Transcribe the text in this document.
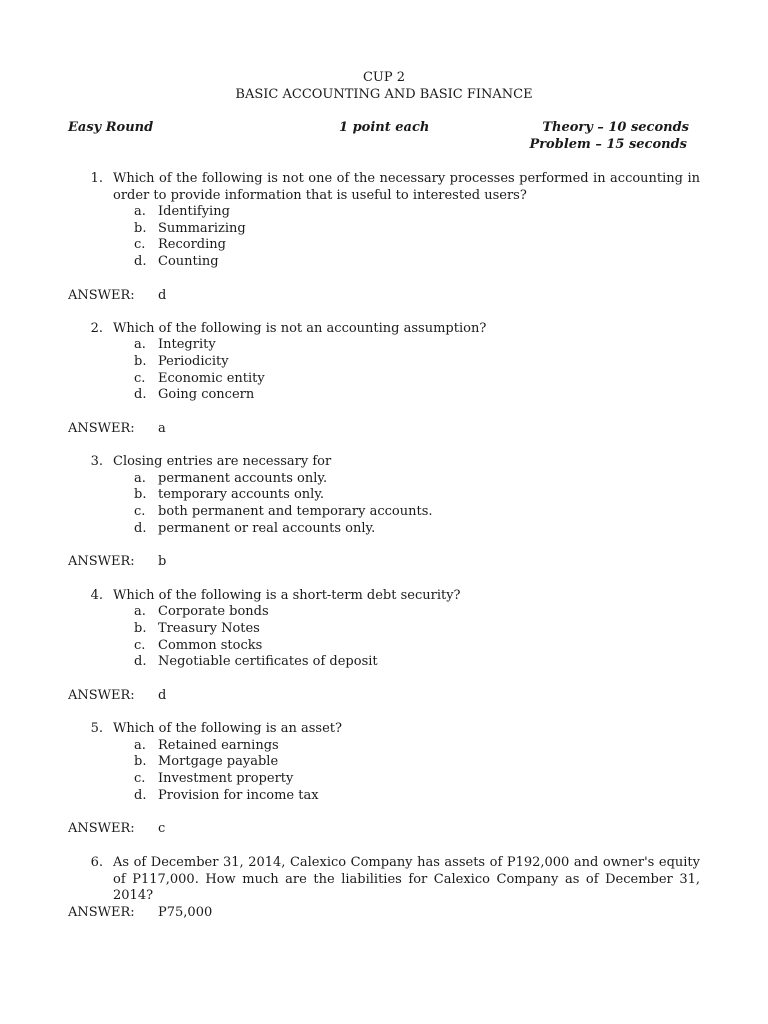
CUP 2
BASIC ACCOUNTING AND BASIC FINANCE
Easy Round	1 point each	Theory – 10 seconds
Problem – 15 seconds
1. Which of the following is not one of the necessary processes performed in accounting in order to provide information that is useful to interested users?
a. Identifying
b. Summarizing
c. Recording
d. Counting
ANSWER: d
2. Which of the following is not an accounting assumption?
a. Integrity
b. Periodicity
c. Economic entity
d. Going concern
ANSWER: a
3. Closing entries are necessary for
a. permanent accounts only.
b. temporary accounts only.
c. both permanent and temporary accounts.
d. permanent or real accounts only.
ANSWER: b
4. Which of the following is a short-term debt security?
a. Corporate bonds
b. Treasury Notes
c. Common stocks
d. Negotiable certificates of deposit
ANSWER: d
5. Which of the following is an asset?
a. Retained earnings
b. Mortgage payable
c. Investment property
d. Provision for income tax
ANSWER: c
6. As of December 31, 2014, Calexico Company has assets of P192,000 and owner's equity of P117,000. How much are the liabilities for Calexico Company as of December 31, 2014?
ANSWER: P75,000
